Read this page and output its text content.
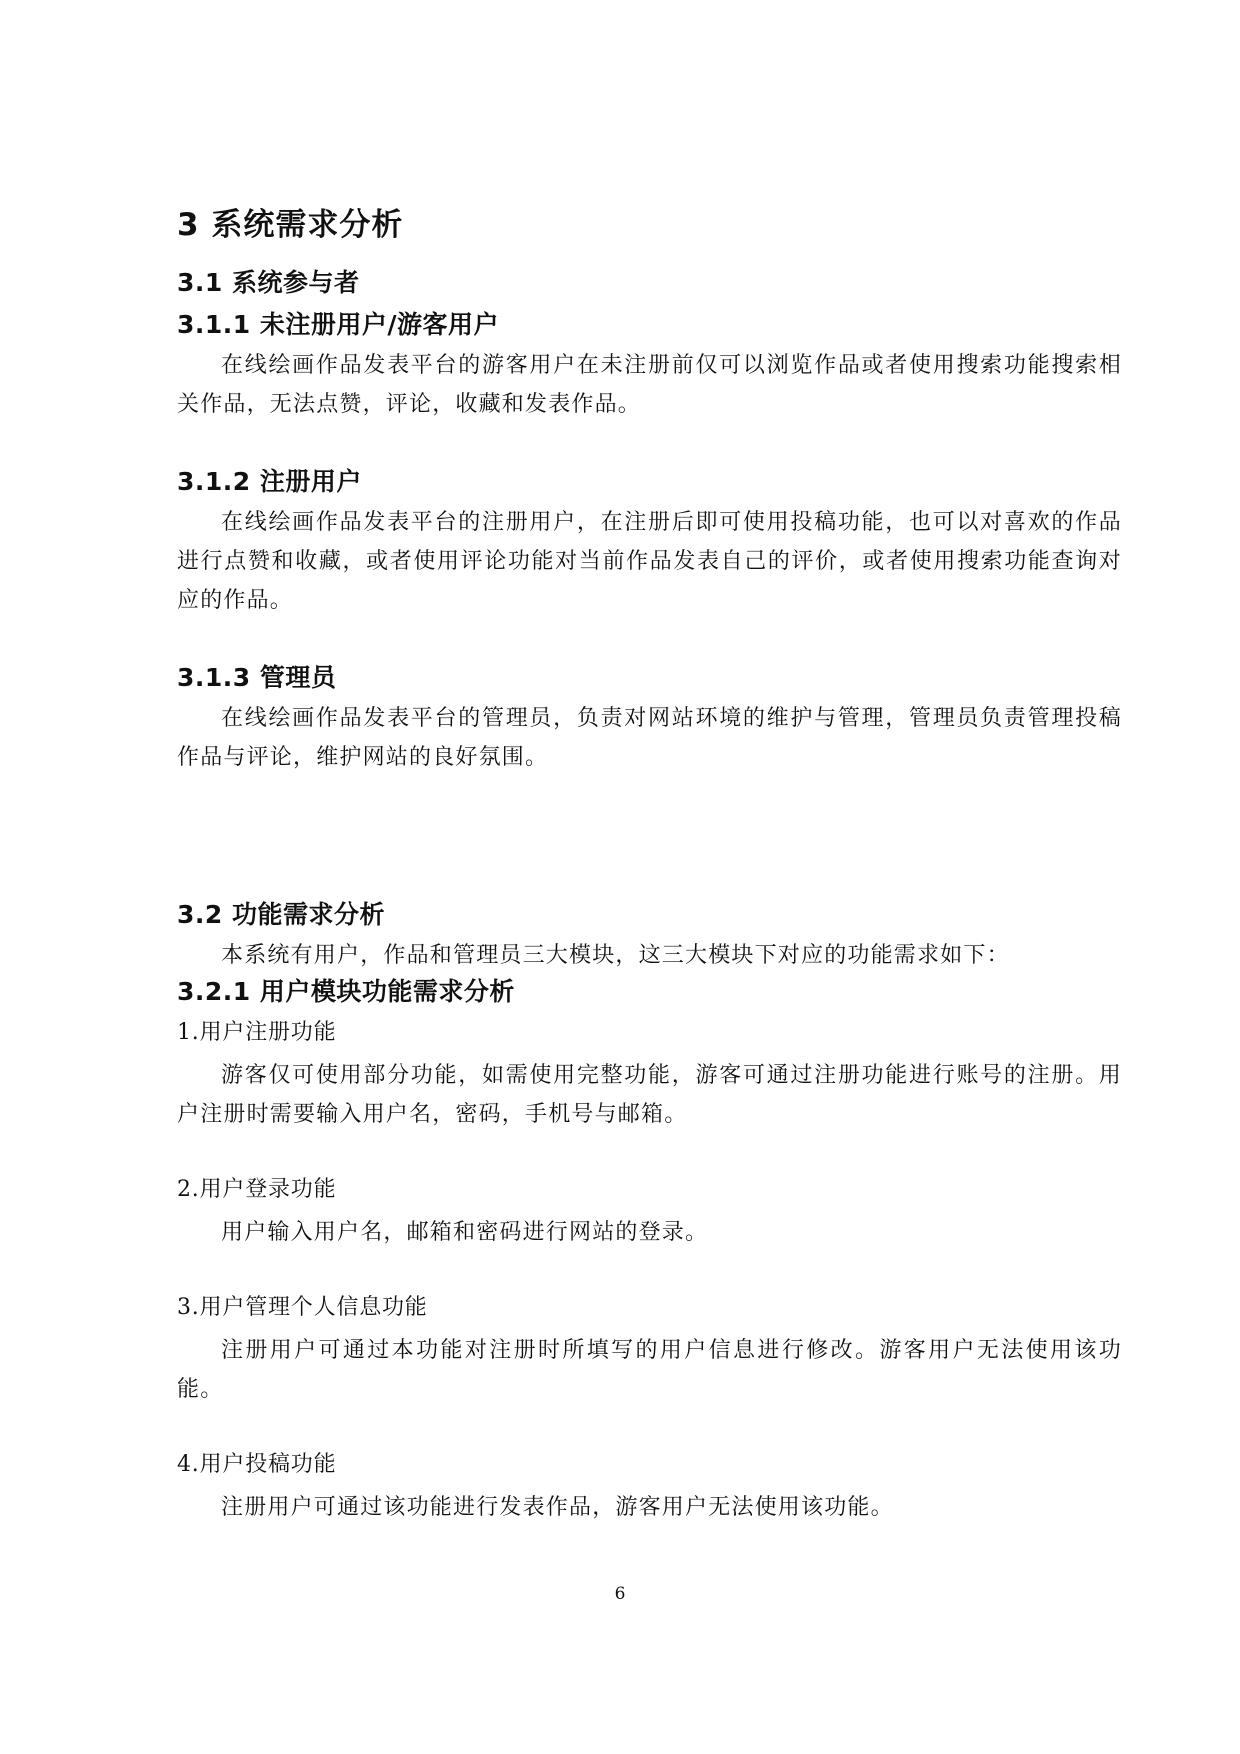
3 系统需求分析
3.1 系统参与者
3.1.1 未注册用户/游客用户
在线绘画作品发表平台的游客用户在未注册前仅可以浏览作品或者使用搜索功能搜索相关作品，无法点赞，评论，收藏和发表作品。
3.1.2 注册用户
在线绘画作品发表平台的注册用户，在注册后即可使用投稿功能，也可以对喜欢的作品进行点赞和收藏，或者使用评论功能对当前作品发表自己的评价，或者使用搜索功能查询对应的作品。
3.1.3 管理员
在线绘画作品发表平台的管理员，负责对网站环境的维护与管理，管理员负责管理投稿作品与评论，维护网站的良好氛围。
3.2 功能需求分析
本系统有用户，作品和管理员三大模块，这三大模块下对应的功能需求如下：
3.2.1 用户模块功能需求分析
1.用户注册功能
游客仅可使用部分功能，如需使用完整功能，游客可通过注册功能进行账号的注册。用户注册时需要输入用户名，密码，手机号与邮箱。
2.用户登录功能
用户输入用户名，邮箱和密码进行网站的登录。
3.用户管理个人信息功能
注册用户可通过本功能对注册时所填写的用户信息进行修改。游客用户无法使用该功能。
4.用户投稿功能
注册用户可通过该功能进行发表作品，游客用户无法使用该功能。
6
